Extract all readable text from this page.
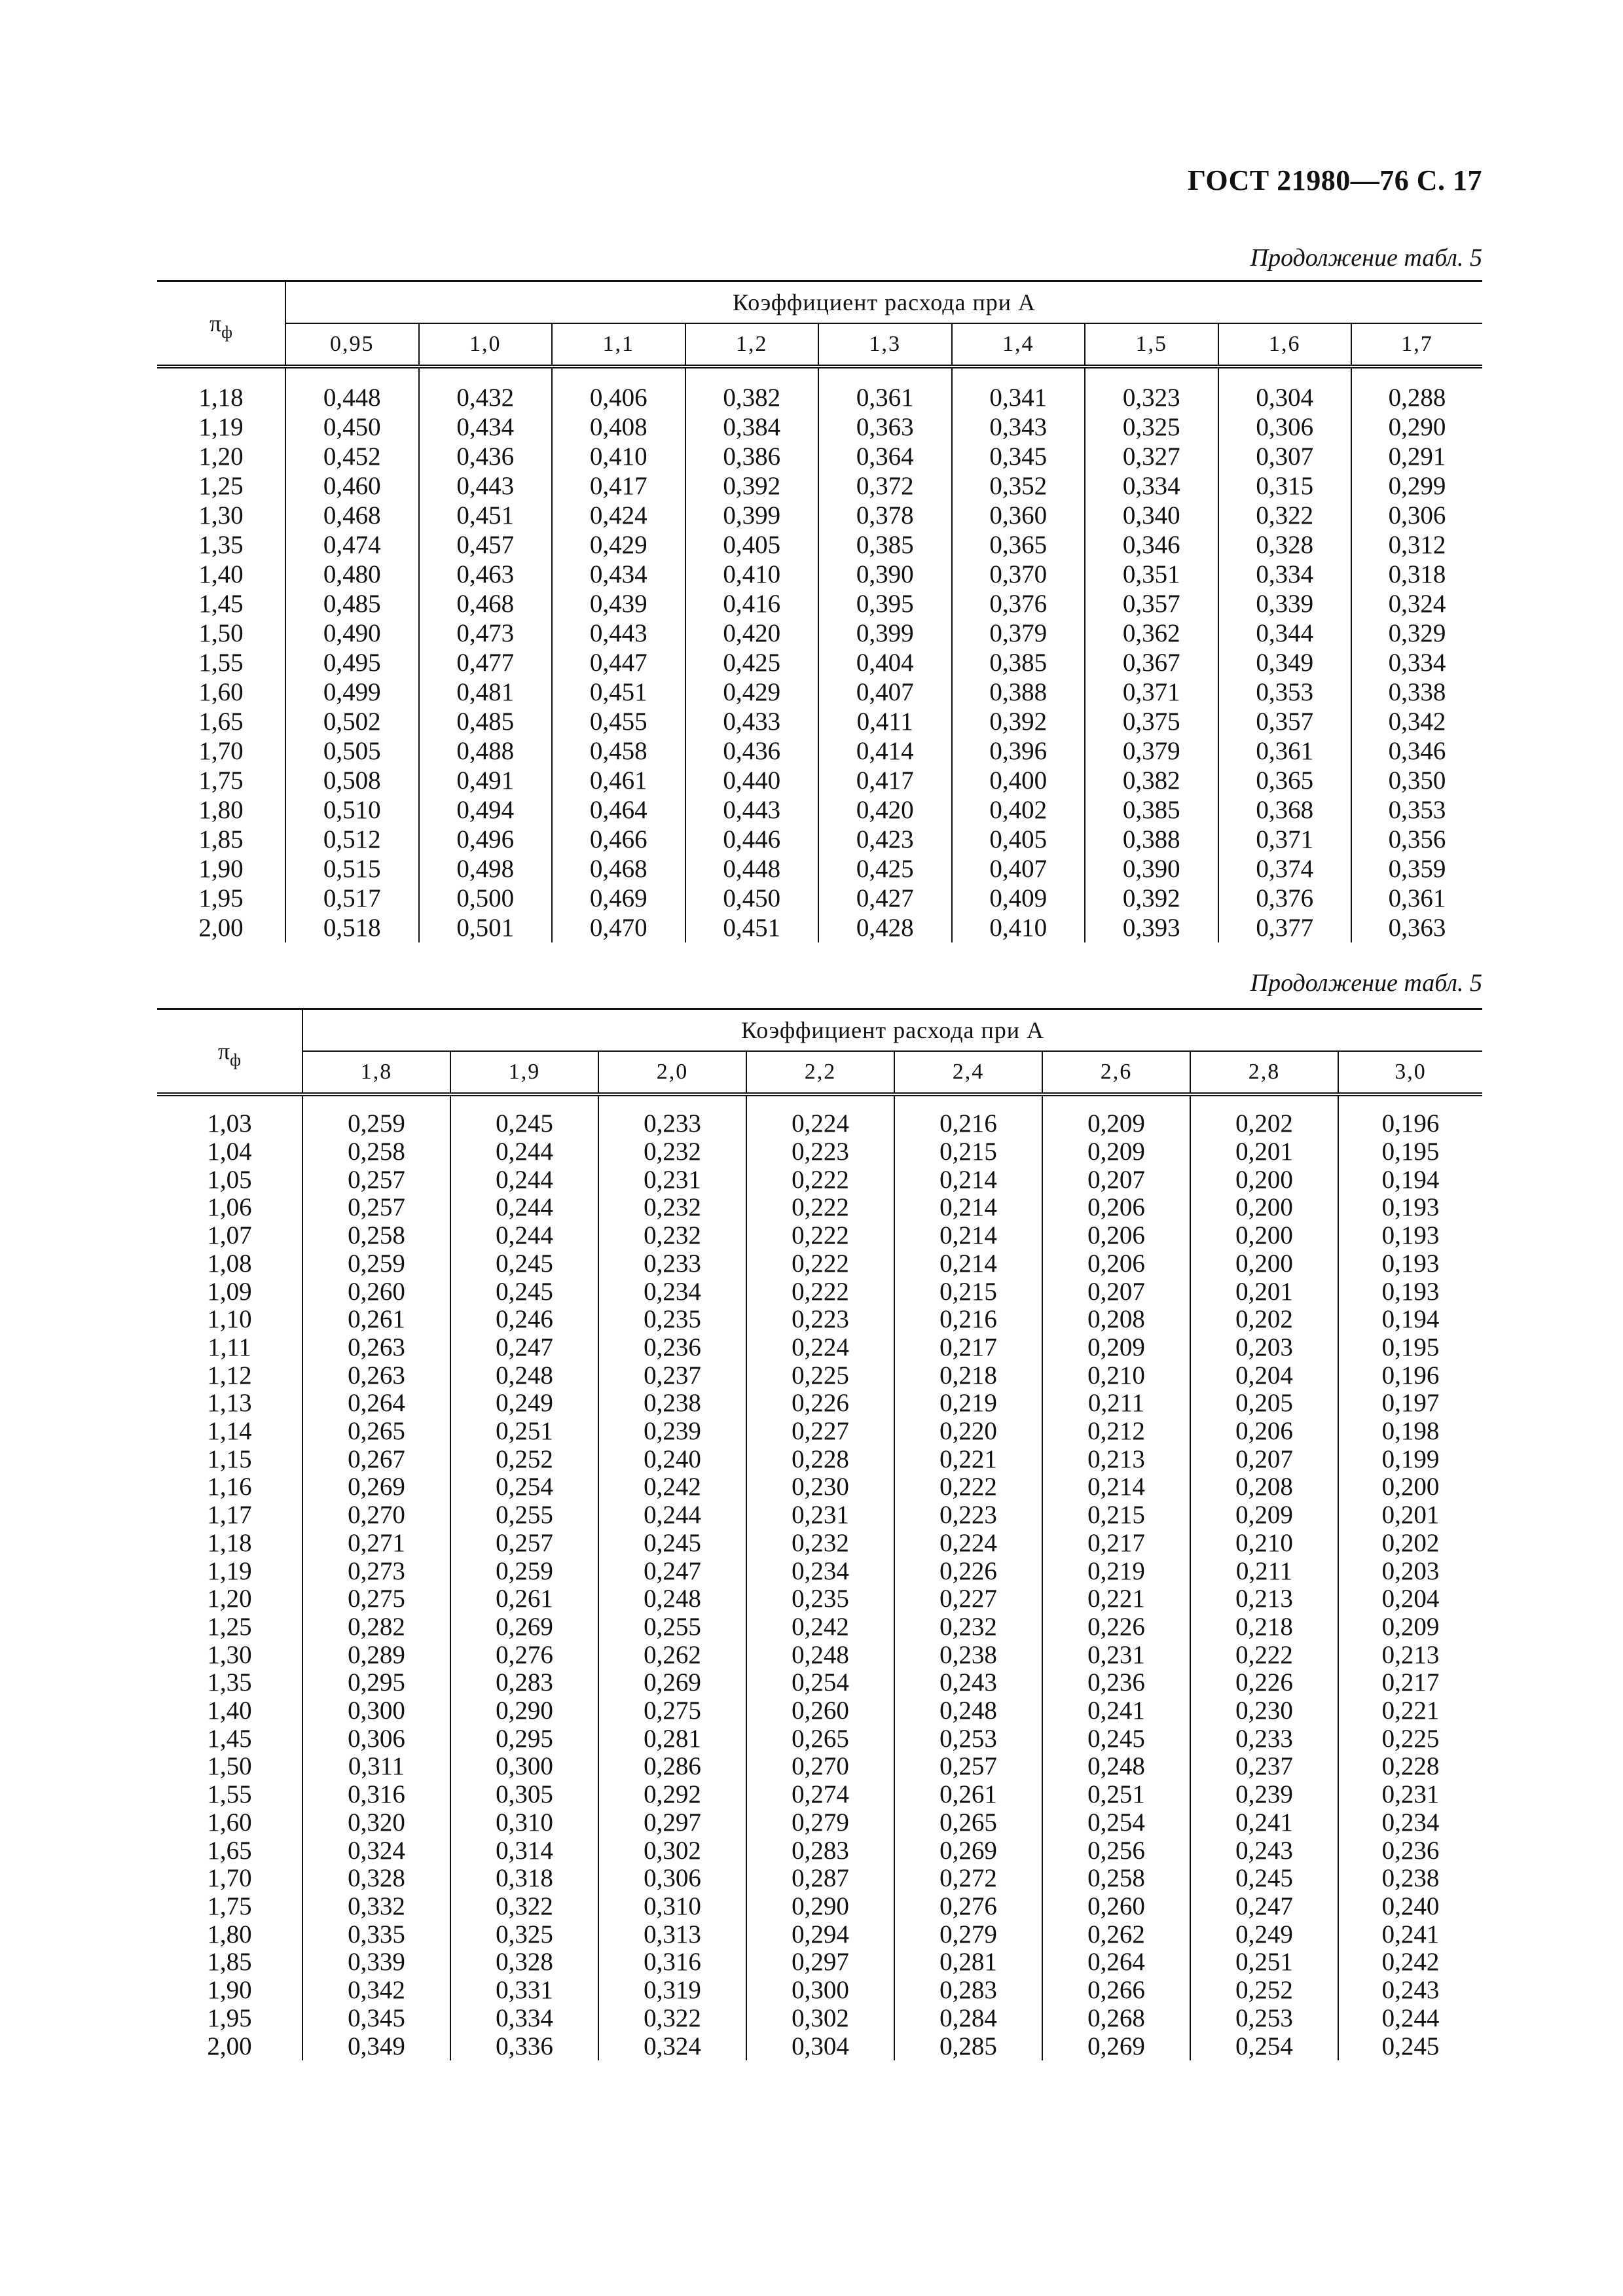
ГОСТ 21980—76 С. 17
Продолжение табл. 5
$\pi_ф$	Коэффициент расхода при A								
	0,95	1,0	1,1	1,2	1,3	1,4	1,5	1,6	1,7
1,18	0,448	0,432	0,406	0,382	0,361	0,341	0,323	0,304	0,288
1,19	0,450	0,434	0,408	0,384	0,363	0,343	0,325	0,306	0,290
1,20	0,452	0,436	0,410	0,386	0,364	0,345	0,327	0,307	0,291
1,25	0,460	0,443	0,417	0,392	0,372	0,352	0,334	0,315	0,299
1,30	0,468	0,451	0,424	0,399	0,378	0,360	0,340	0,322	0,306
1,35	0,474	0,457	0,429	0,405	0,385	0,365	0,346	0,328	0,312
1,40	0,480	0,463	0,434	0,410	0,390	0,370	0,351	0,334	0,318
1,45	0,485	0,468	0,439	0,416	0,395	0,376	0,357	0,339	0,324
1,50	0,490	0,473	0,443	0,420	0,399	0,379	0,362	0,344	0,329
1,55	0,495	0,477	0,447	0,425	0,404	0,385	0,367	0,349	0,334
1,60	0,499	0,481	0,451	0,429	0,407	0,388	0,371	0,353	0,338
1,65	0,502	0,485	0,455	0,433	0,411	0,392	0,375	0,357	0,342
1,70	0,505	0,488	0,458	0,436	0,414	0,396	0,379	0,361	0,346
1,75	0,508	0,491	0,461	0,440	0,417	0,400	0,382	0,365	0,350
1,80	0,510	0,494	0,464	0,443	0,420	0,402	0,385	0,368	0,353
1,85	0,512	0,496	0,466	0,446	0,423	0,405	0,388	0,371	0,356
1,90	0,515	0,498	0,468	0,448	0,425	0,407	0,390	0,374	0,359
1,95	0,517	0,500	0,469	0,450	0,427	0,409	0,392	0,376	0,361
2,00	0,518	0,501	0,470	0,451	0,428	0,410	0,393	0,377	0,363
Продолжение табл. 5
$\pi_ф$	Коэффициент расхода при A							
	1,8	1,9	2,0	2,2	2,4	2,6	2,8	3,0
1,03	0,259	0,245	0,233	0,224	0,216	0,209	0,202	0,196
1,04	0,258	0,244	0,232	0,223	0,215	0,209	0,201	0,195
1,05	0,257	0,244	0,231	0,222	0,214	0,207	0,200	0,194
1,06	0,257	0,244	0,232	0,222	0,214	0,206	0,200	0,193
1,07	0,258	0,244	0,232	0,222	0,214	0,206	0,200	0,193
1,08	0,259	0,245	0,233	0,222	0,214	0,206	0,200	0,193
1,09	0,260	0,245	0,234	0,222	0,215	0,207	0,201	0,193
1,10	0,261	0,246	0,235	0,223	0,216	0,208	0,202	0,194
1,11	0,263	0,247	0,236	0,224	0,217	0,209	0,203	0,195
1,12	0,263	0,248	0,237	0,225	0,218	0,210	0,204	0,196
1,13	0,264	0,249	0,238	0,226	0,219	0,211	0,205	0,197
1,14	0,265	0,251	0,239	0,227	0,220	0,212	0,206	0,198
1,15	0,267	0,252	0,240	0,228	0,221	0,213	0,207	0,199
1,16	0,269	0,254	0,242	0,230	0,222	0,214	0,208	0,200
1,17	0,270	0,255	0,244	0,231	0,223	0,215	0,209	0,201
1,18	0,271	0,257	0,245	0,232	0,224	0,217	0,210	0,202
1,19	0,273	0,259	0,247	0,234	0,226	0,219	0,211	0,203
1,20	0,275	0,261	0,248	0,235	0,227	0,221	0,213	0,204
1,25	0,282	0,269	0,255	0,242	0,232	0,226	0,218	0,209
1,30	0,289	0,276	0,262	0,248	0,238	0,231	0,222	0,213
1,35	0,295	0,283	0,269	0,254	0,243	0,236	0,226	0,217
1,40	0,300	0,290	0,275	0,260	0,248	0,241	0,230	0,221
1,45	0,306	0,295	0,281	0,265	0,253	0,245	0,233	0,225
1,50	0,311	0,300	0,286	0,270	0,257	0,248	0,237	0,228
1,55	0,316	0,305	0,292	0,274	0,261	0,251	0,239	0,231
1,60	0,320	0,310	0,297	0,279	0,265	0,254	0,241	0,234
1,65	0,324	0,314	0,302	0,283	0,269	0,256	0,243	0,236
1,70	0,328	0,318	0,306	0,287	0,272	0,258	0,245	0,238
1,75	0,332	0,322	0,310	0,290	0,276	0,260	0,247	0,240
1,80	0,335	0,325	0,313	0,294	0,279	0,262	0,249	0,241
1,85	0,339	0,328	0,316	0,297	0,281	0,264	0,251	0,242
1,90	0,342	0,331	0,319	0,300	0,283	0,266	0,252	0,243
1,95	0,345	0,334	0,322	0,302	0,284	0,268	0,253	0,244
2,00	0,349	0,336	0,324	0,304	0,285	0,269	0,254	0,245
